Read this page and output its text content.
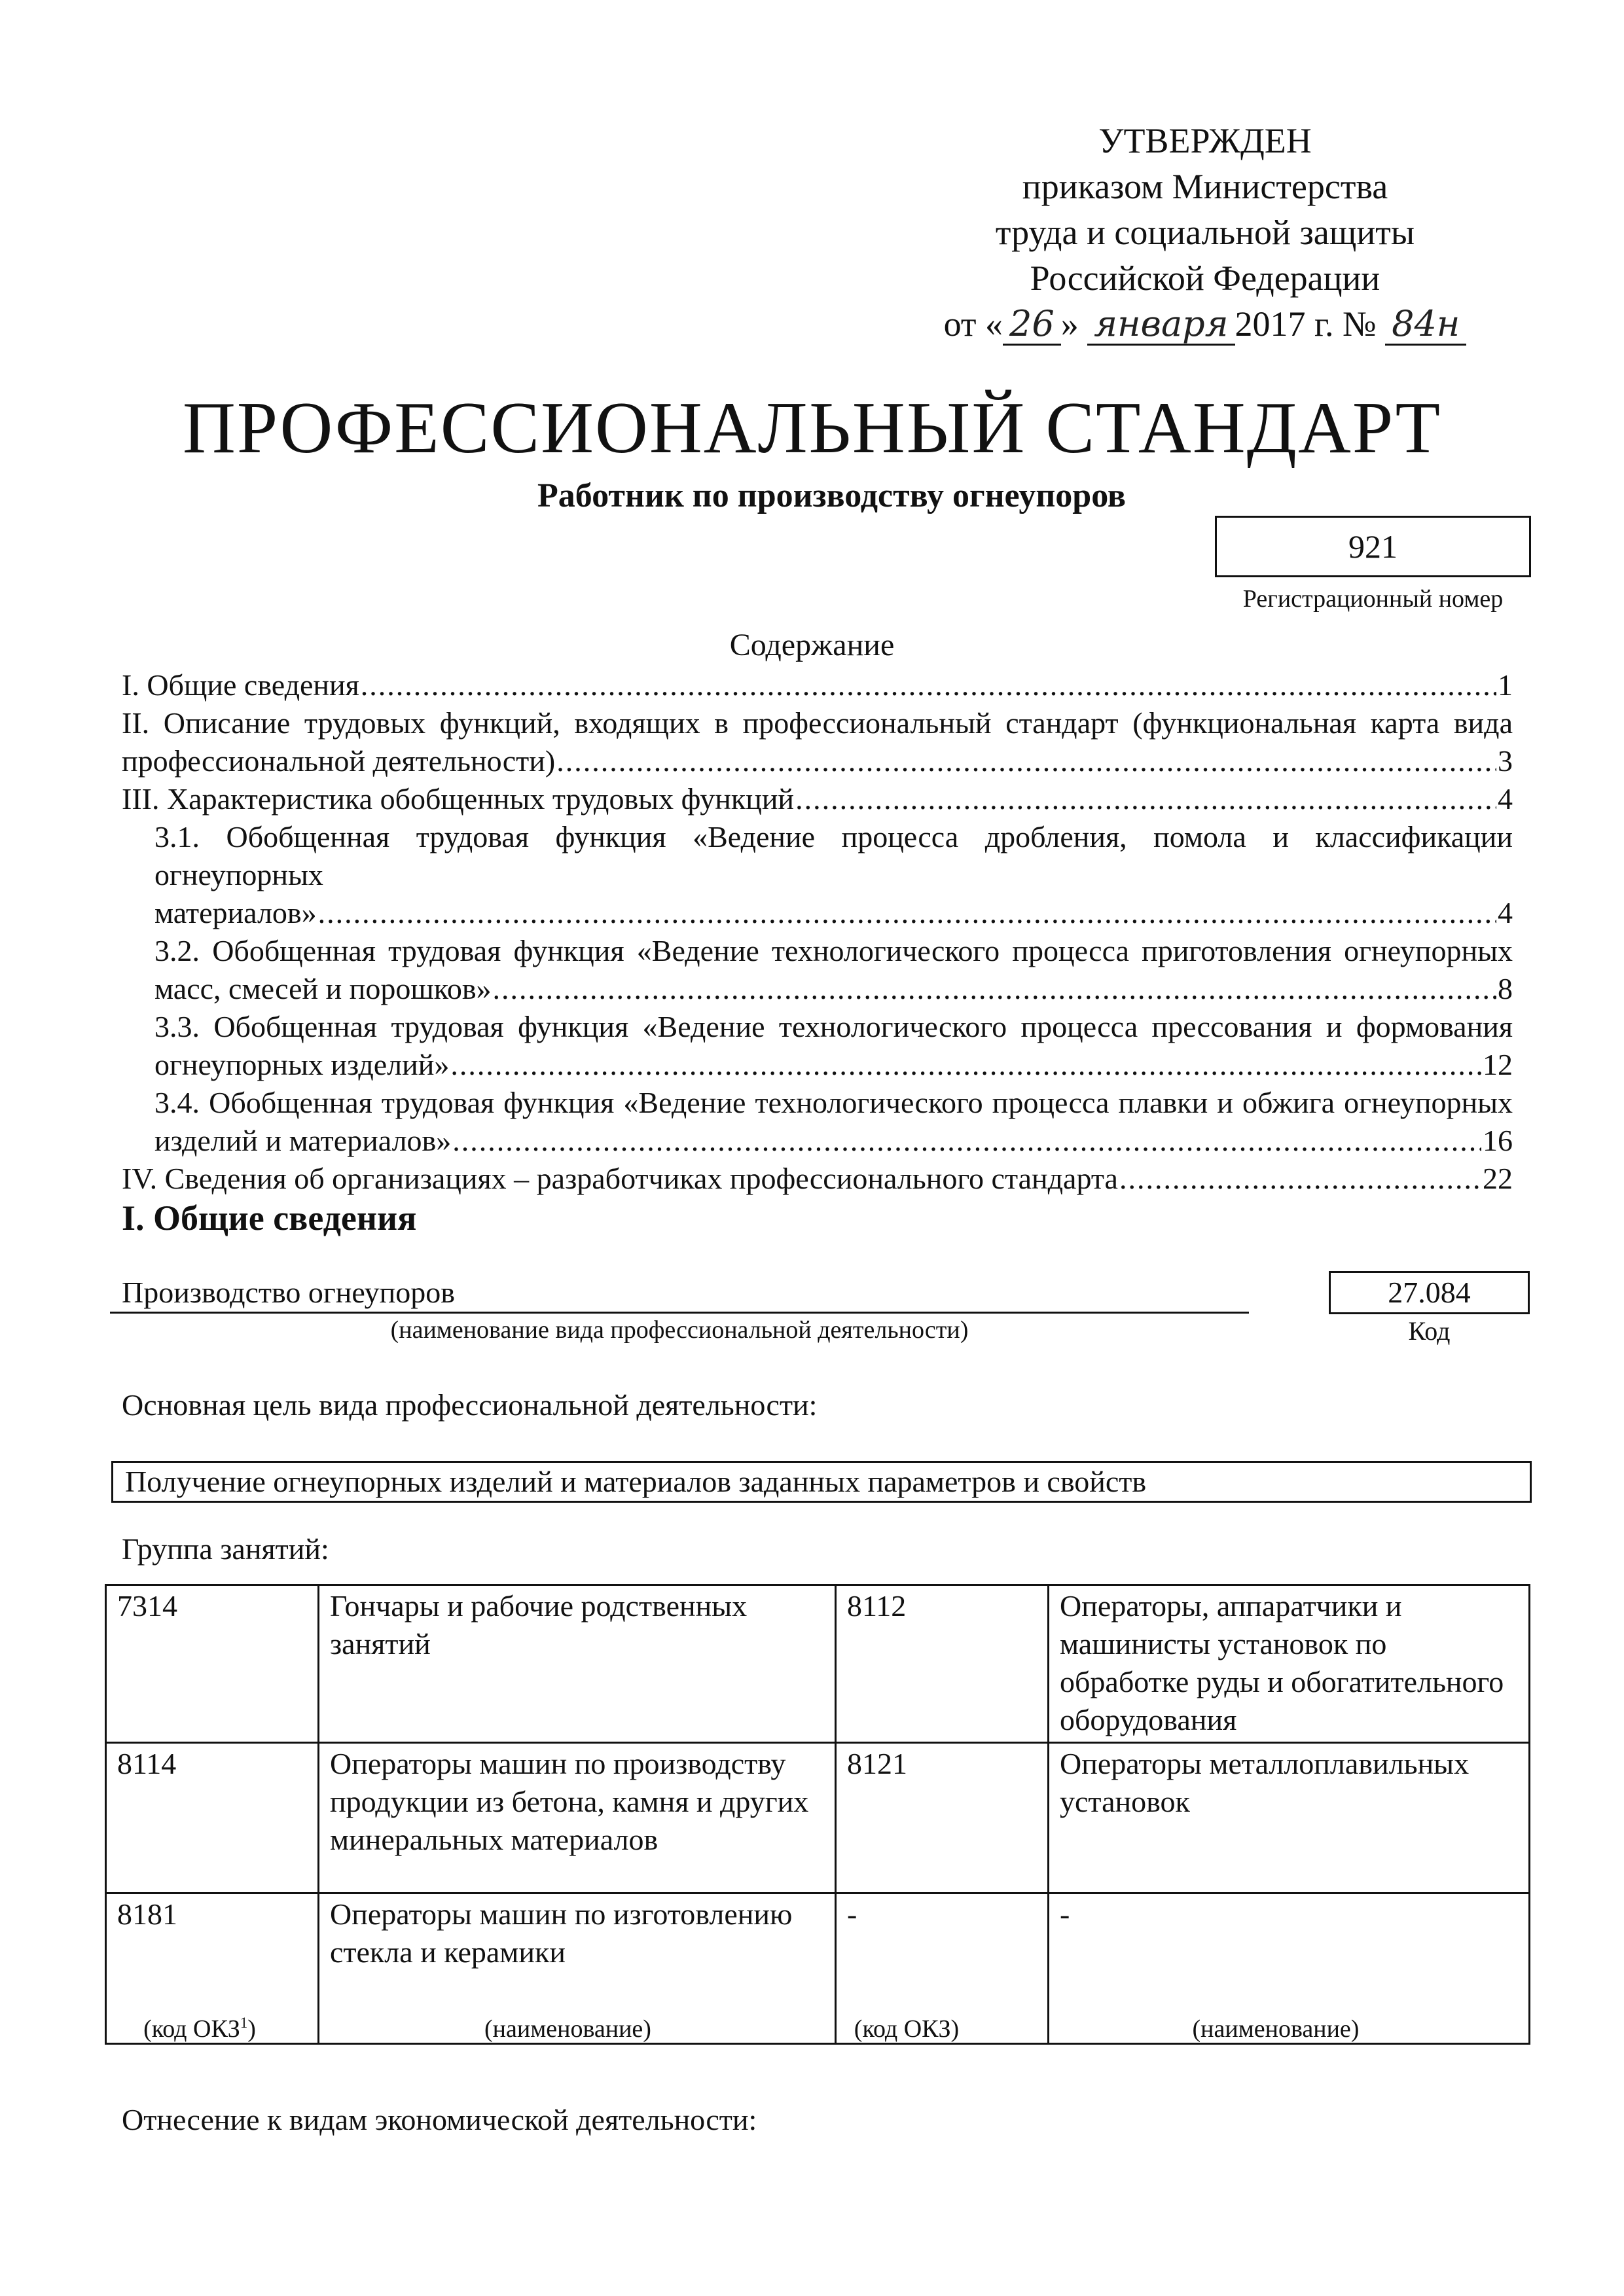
УТВЕРЖДЕН
приказом Министерства
труда и социальной защиты
Российской Федерации
от « 26 » января 2017 г. № 84н
ПРОФЕССИОНАЛЬНЫЙ СТАНДАРТ
Работник по производству огнеупоров
921
Регистрационный номер
Содержание
I. Общие сведения .....	1
II. Описание трудовых функций, входящих в профессиональный стандарт (функциональная карта вида
профессиональной деятельности) .....	3
III. Характеристика обобщенных трудовых функций .....	4
3.1. Обобщенная трудовая функция «Ведение процесса дробления, помола и классификации огнеупорных
материалов» .....	4
3.2. Обобщенная трудовая функция «Ведение технологического процесса приготовления огнеупорных
масс, смесей и порошков» .....	8
3.3. Обобщенная трудовая функция «Ведение технологического процесса прессования и формования
огнеупорных изделий» .....	12
3.4. Обобщенная трудовая функция «Ведение технологического процесса плавки и обжига огнеупорных
изделий и материалов» .....	16
IV. Сведения об организациях – разработчиках профессионального стандарта .....	22
I. Общие сведения
Производство огнеупоров
(наименование вида профессиональной деятельности)
27.084
Код
Основная цель вида профессиональной деятельности:
Получение огнеупорных изделий и материалов заданных параметров и свойств
Группа занятий:
7314	Гончары и рабочие родственных занятий	8112	Операторы, аппаратчики и машинисты установок по обработке руды и обогатительного оборудования
8114	Операторы машин по производству продукции из бетона, камня и других минеральных материалов	8121	Операторы металлоплавильных установок
8181	Операторы машин по изготовлению стекла и керамики	-	-
(код ОКЗ$^1$)	(наименование)	(код ОКЗ)	(наименование)
Отнесение к видам экономической деятельности:
